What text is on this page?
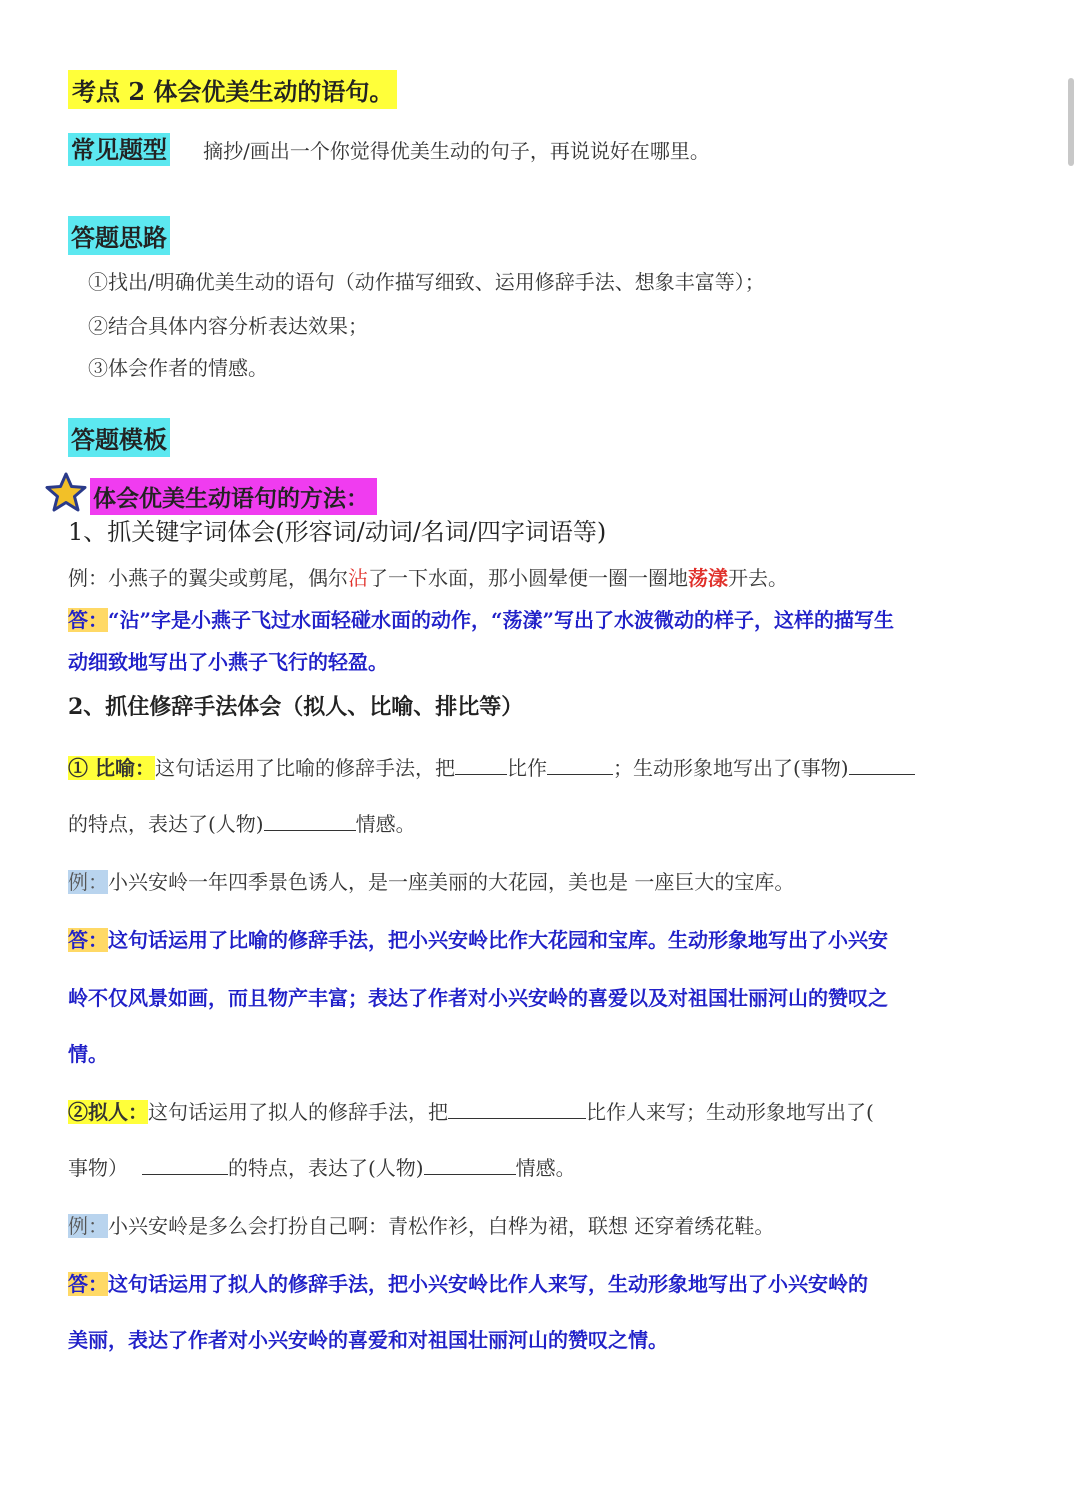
考点 2 体会优美生动的语句。
常见题型 摘抄/画出一个你觉得优美生动的句子，再说说好在哪里。
答题思路
①找出/明确优美生动的语句（动作描写细致、运用修辞手法、想象丰富等）；
②结合具体内容分析表达效果；
③体会作者的情感。
答题模板
体会优美生动语句的方法：
1、抓关键字词体会(形容词/动词/名词/四字词语等)
例：小燕子的翼尖或剪尾，偶尔沾了一下水面，那小圆晕便一圈一圈地荡漾开去。
答：“沾”字是小燕子飞过水面轻碰水面的动作，“荡漾”写出了水波微动的样子，这样的描写生
动细致地写出了小燕子飞行的轻盈。
2、抓住修辞手法体会（拟人、比喻、排比等）
① 比喻：这句话运用了比喻的修辞手法，把	比作	；生动形象地写出了(事物)
的特点，表达了(人物)	情感。
例：小兴安岭一年四季景色诱人，是一座美丽的大花园，美也是 一座巨大的宝库。
答：这句话运用了比喻的修辞手法，把小兴安岭比作大花园和宝库。生动形象地写出了小兴安
岭不仅风景如画，而且物产丰富；表达了作者对小兴安岭的喜爱以及对祖国壮丽河山的赞叹之
情。
②拟人：这句话运用了拟人的修辞手法，把	比作人来写；生动形象地写出了(
事物）	的特点，表达了(人物)	情感。
例：小兴安岭是多么会打扮自己啊：青松作衫，白桦为裙，联想 还穿着绣花鞋。
答：这句话运用了拟人的修辞手法，把小兴安岭比作人来写，生动形象地写出了小兴安岭的
美丽，表达了作者对小兴安岭的喜爱和对祖国壮丽河山的赞叹之情。
